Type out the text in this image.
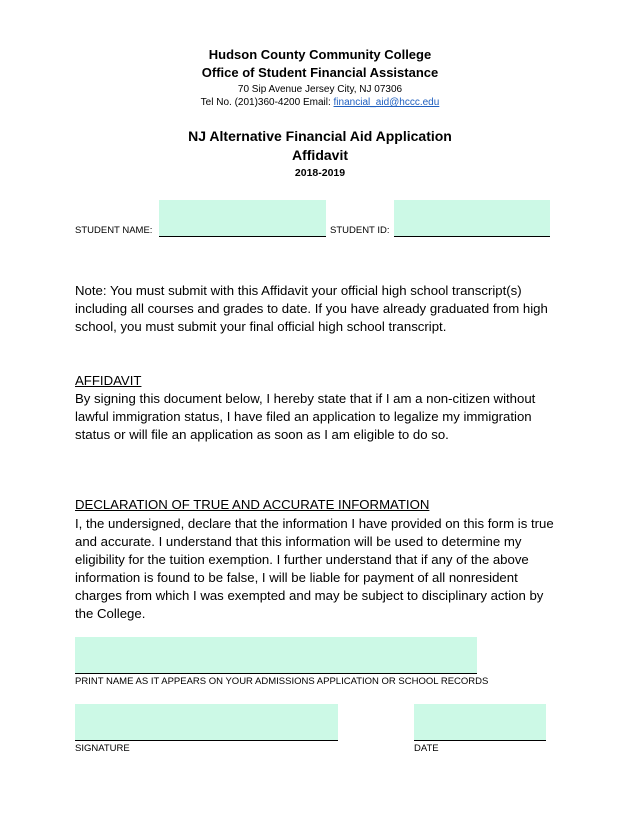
Hudson County Community College
Office of Student Financial Assistance
70 Sip Avenue Jersey City, NJ 07306
Tel No. (201)360-4200 Email: financial_aid@hccc.edu
NJ Alternative Financial Aid Application
Affidavit
2018-2019
STUDENT NAME:	STUDENT ID:
Note: You must submit with this Affidavit your official high school transcript(s) including all courses and grades to date. If you have already graduated from high school, you must submit your final official high school transcript.
AFFIDAVIT
By signing this document below, I hereby state that if I am a non-citizen without lawful immigration status, I have filed an application to legalize my immigration status or will file an application as soon as I am eligible to do so.
DECLARATION OF TRUE AND ACCURATE INFORMATION
I, the undersigned, declare that the information I have provided on this form is true and accurate. I understand that this information will be used to determine my eligibility for the tuition exemption. I further understand that if any of the above information is found to be false, I will be liable for payment of all nonresident charges from which I was exempted and may be subject to disciplinary action by the College.
PRINT NAME AS IT APPEARS ON YOUR ADMISSIONS APPLICATION OR SCHOOL RECORDS
SIGNATURE	DATE
